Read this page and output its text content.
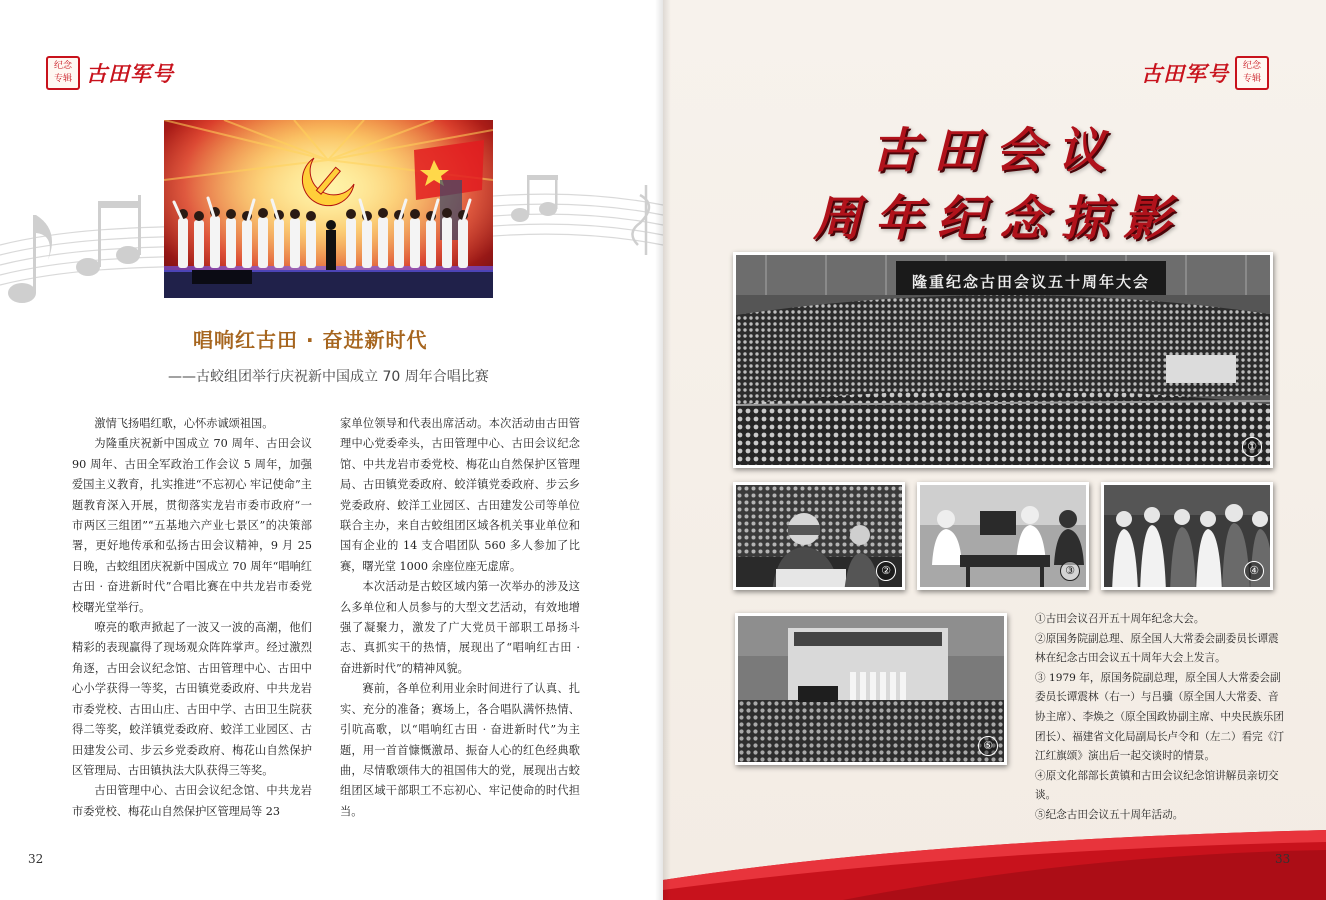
纪念专辑 古田军号
唱响红古田 · 奋进新时代
——古蛟组团举行庆祝新中国成立 70 周年合唱比赛

激情飞扬唱红歌，心怀赤诚颂祖国。

为隆重庆祝新中国成立 70 周年、古田会议 90 周年、古田全军政治工作会议 5 周年，加强爱国主义教育，扎实推进“不忘初心 牢记使命”主题教育深入开展，贯彻落实龙岩市委市政府“一市两区三组团”“五基地六产业七景区”的决策部署，更好地传承和弘扬古田会议精神，9 月 25 日晚，古蛟组团庆祝新中国成立 70 周年“唱响红古田 · 奋进新时代”合唱比赛在中共龙岩市委党校曙光堂举行。

嘹亮的歌声掀起了一波又一波的高潮，他们精彩的表现赢得了现场观众阵阵掌声。经过激烈角逐，古田会议纪念馆、古田管理中心、古田中心小学获得一等奖，古田镇党委政府、中共龙岩市委党校、古田山庄、古田中学、古田卫生院获得二等奖，蛟洋镇党委政府、蛟洋工业园区、古田建发公司、步云乡党委政府、梅花山自然保护区管理局、古田镇执法大队获得三等奖。

古田管理中心、古田会议纪念馆、中共龙岩市委党校、梅花山自然保护区管理局等 23

家单位领导和代表出席活动。本次活动由古田管理中心党委牵头，古田管理中心、古田会议纪念馆、中共龙岩市委党校、梅花山自然保护区管理局、古田镇党委政府、蛟洋镇党委政府、步云乡党委政府、蛟洋工业园区、古田建发公司等单位联合主办，来自古蛟组团区域各机关事业单位和国有企业的 14 支合唱团队 560 多人参加了比赛，曙光堂 1000 余座位座无虚席。

本次活动是古蛟区域内第一次举办的涉及这么多单位和人员参与的大型文艺活动，有效地增强了凝聚力，激发了广大党员干部职工昂扬斗志、真抓实干的热情，展现出了“唱响红古田 · 奋进新时代”的精神风貌。

赛前，各单位利用业余时间进行了认真、扎实、充分的准备；赛场上，各合唱队满怀热情、引吭高歌，以“唱响红古田 · 奋进新时代”为主题，用一首首慷慨激昂、振奋人心的红色经典歌曲，尽情歌颂伟大的祖国伟大的党，展现出古蛟组团区域干部职工不忘初心、牢记使命的时代担当。

32
古田军号	纪念专辑
古田会议
周年纪念掠影
隆重纪念古田会议五十周年大会
①
②	③	④
⑤

①古田会议召开五十周年纪念大会。

②原国务院副总理、原全国人大常委会副委员长谭震林在纪念古田会议五十周年大会上发言。

③ 1979 年，原国务院副总理，原全国人大常委会副委员长谭震林（右一）与吕骥（原全国人大常委、音协主席）、李焕之（原全国政协副主席、中央民族乐团团长）、福建省文化局副局长卢令和（左二）看完《汀江红旗颂》演出后一起交谈时的情景。

④原文化部部长黄镇和古田会议纪念馆讲解员亲切交谈。

⑤纪念古田会议五十周年活动。

33
